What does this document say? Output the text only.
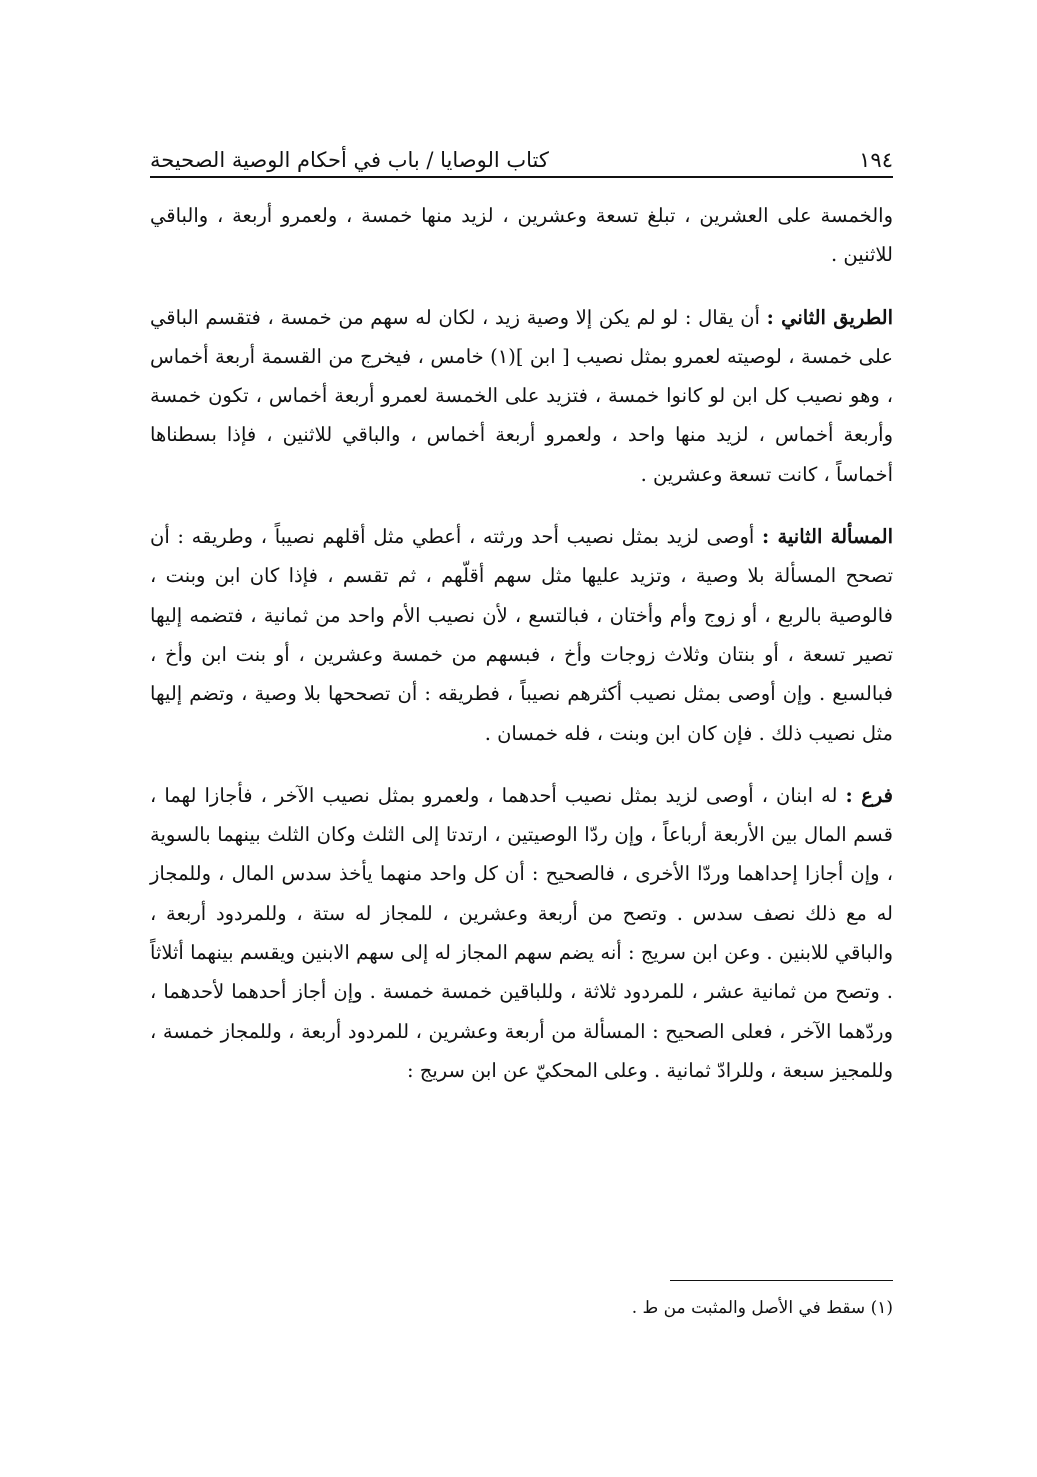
١٩٤
كتاب الوصايا / باب في أحكام الوصية الصحيحة

والخمسة على العشرين ، تبلغ تسعة وعشرين ، لزيد منها خمسة ، ولعمرو أربعة ، والباقي للاثنين .

الطريق الثاني : أن يقال : لو لم يكن إلا وصية زيد ، لكان له سهم من خمسة ، فتقسم الباقي على خمسة ، لوصيته لعمرو بمثل نصيب [ ابن ](١) خامس ، فيخرج من القسمة أربعة أخماس ، وهو نصيب كل ابن لو كانوا خمسة ، فتزيد على الخمسة لعمرو أربعة أخماس ، تكون خمسة وأربعة أخماس ، لزيد منها واحد ، ولعمرو أربعة أخماس ، والباقي للاثنين ، فإذا بسطناها أخماساً ، كانت تسعة وعشرين .

المسألة الثانية : أوصى لزيد بمثل نصيب أحد ورثته ، أعطي مثل أقلهم نصيباً ، وطريقه : أن تصحح المسألة بلا وصية ، وتزيد عليها مثل سهم أقلّهم ، ثم تقسم ، فإذا كان ابن وبنت ، فالوصية بالربع ، أو زوج وأم وأختان ، فبالتسع ، لأن نصيب الأم واحد من ثمانية ، فتضمه إليها تصير تسعة ، أو بنتان وثلاث زوجات وأخ ، فبسهم من خمسة وعشرين ، أو بنت ابن وأخ ، فبالسبع . وإن أوصى بمثل نصيب أكثرهم نصيباً ، فطريقه : أن تصححها بلا وصية ، وتضم إليها مثل نصيب ذلك . فإن كان ابن وبنت ، فله خمسان .

فرع : له ابنان ، أوصى لزيد بمثل نصيب أحدهما ، ولعمرو بمثل نصيب الآخر ، فأجازا لهما ، قسم المال بين الأربعة أرباعاً ، وإن ردّا الوصيتين ، ارتدتا إلى الثلث وكان الثلث بينهما بالسوية ، وإن أجازا إحداهما وردّا الأخرى ، فالصحيح : أن كل واحد منهما يأخذ سدس المال ، وللمجاز له مع ذلك نصف سدس . وتصح من أربعة وعشرين ، للمجاز له ستة ، وللمردود أربعة ، والباقي للابنين . وعن ابن سريج : أنه يضم سهم المجاز له إلى سهم الابنين ويقسم بينهما أثلاثاً . وتصح من ثمانية عشر ، للمردود ثلاثة ، وللباقين خمسة خمسة . وإن أجاز أحدهما لأحدهما ، وردّهما الآخر ، فعلى الصحيح : المسألة من أربعة وعشرين ، للمردود أربعة ، وللمجاز خمسة ، وللمجيز سبعة ، وللرادّ ثمانية . وعلى المحكيّ عن ابن سريج :

(١) سقط في الأصل والمثبت من ط .
